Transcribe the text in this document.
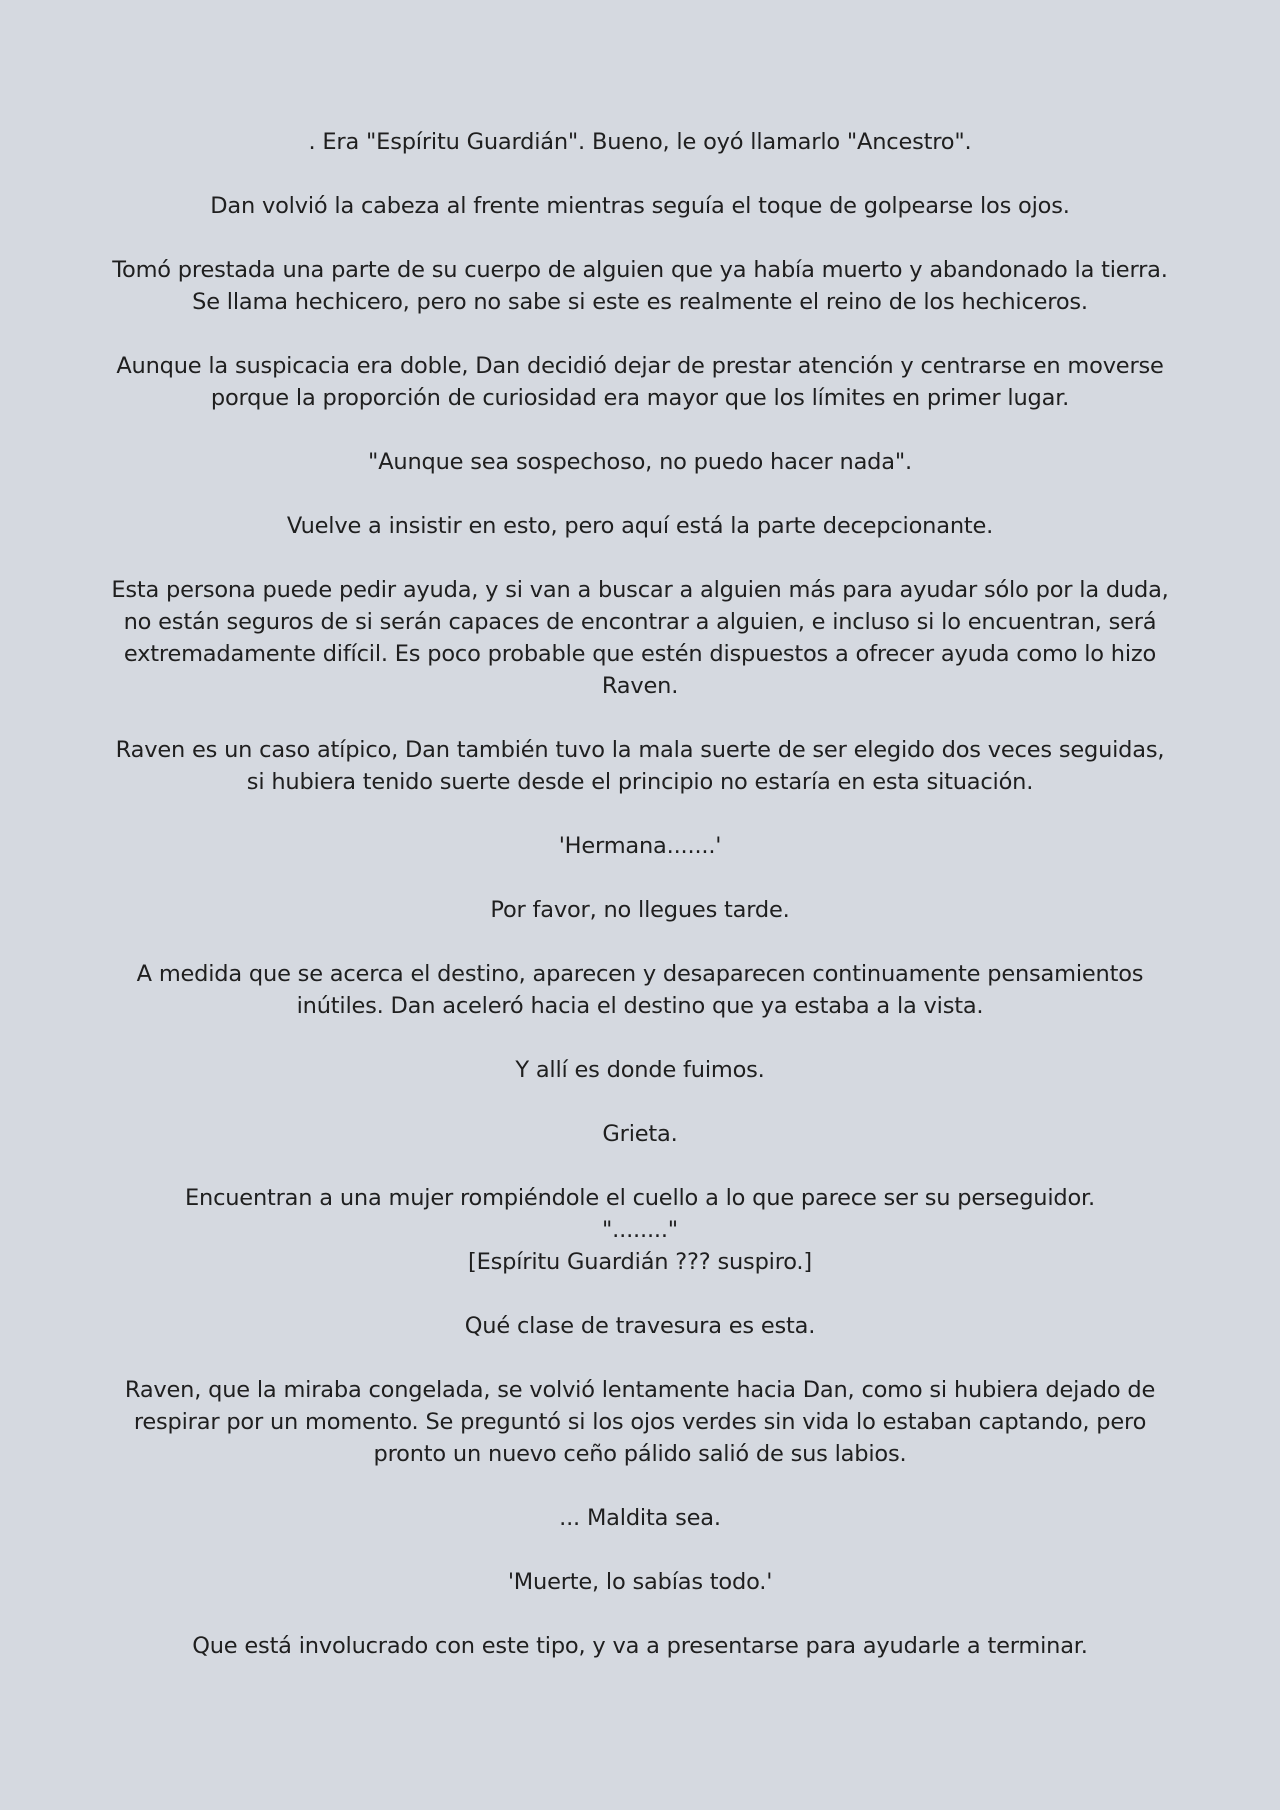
. Era "Espíritu Guardián". Bueno, le oyó llamarlo "Ancestro".

Dan volvió la cabeza al frente mientras seguía el toque de golpearse los ojos.

Tomó prestada una parte de su cuerpo de alguien que ya había muerto y abandonado la tierra. Se llama hechicero, pero no sabe si este es realmente el reino de los hechiceros.

Aunque la suspicacia era doble, Dan decidió dejar de prestar atención y centrarse en moverse porque la proporción de curiosidad era mayor que los límites en primer lugar.

"Aunque sea sospechoso, no puedo hacer nada".

Vuelve a insistir en esto, pero aquí está la parte decepcionante.

Esta persona puede pedir ayuda, y si van a buscar a alguien más para ayudar sólo por la duda, no están seguros de si serán capaces de encontrar a alguien, e incluso si lo encuentran, será extremadamente difícil. Es poco probable que estén dispuestos a ofrecer ayuda como lo hizo Raven.

Raven es un caso atípico, Dan también tuvo la mala suerte de ser elegido dos veces seguidas, si hubiera tenido suerte desde el principio no estaría en esta situación.

'Hermana.......'

Por favor, no llegues tarde.

A medida que se acerca el destino, aparecen y desaparecen continuamente pensamientos inútiles. Dan aceleró hacia el destino que ya estaba a la vista.

Y allí es donde fuimos.

Grieta.

Encuentran a una mujer rompiéndole el cuello a lo que parece ser su perseguidor.

"........"

[Espíritu Guardián ??? suspiro.]

Qué clase de travesura es esta.

Raven, que la miraba congelada, se volvió lentamente hacia Dan, como si hubiera dejado de respirar por un momento. Se preguntó si los ojos verdes sin vida lo estaban captando, pero pronto un nuevo ceño pálido salió de sus labios.

... Maldita sea.

'Muerte, lo sabías todo.'

Que está involucrado con este tipo, y va a presentarse para ayudarle a terminar.
